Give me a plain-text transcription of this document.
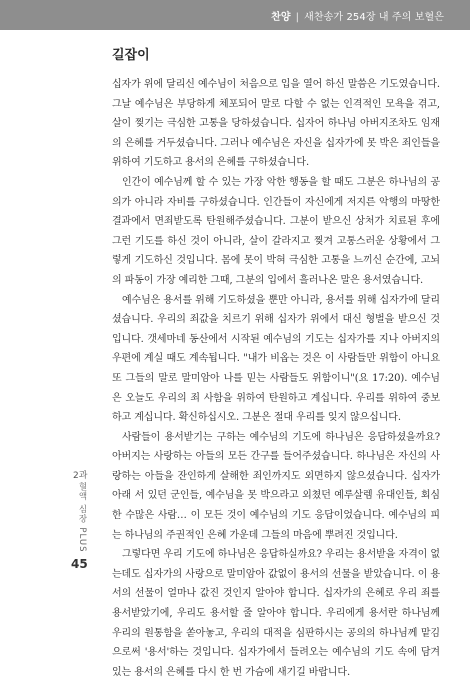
찬양 | 새찬송가 254장 내 주의 보혈은
길잡이

십자가 위에 달리신 예수님이 처음으로 입을 열어 하신 말씀은 기도였습니다. 그날 예수님은 부당하게 체포되어 말로 다할 수 없는 인격적인 모욕을 겪고, 살이 찢기는 극심한 고통을 당하셨습니다. 십자어 하나님 아버지조차도 임재의 은혜를 거두셨습니다. 그러나 예수님은 자신을 십자가에 못 박은 죄인들을 위하여 기도하고 용서의 은혜를 구하셨습니다.

인간이 예수님께 할 수 있는 가장 악한 행동을 할 때도 그분은 하나님의 공의가 아니라 자비를 구하셨습니다. 인간들이 자신에게 저지른 악행의 마땅한 결과에서 면죄받도록 탄원해주셨습니다. 그분이 받으신 상처가 치료된 후에 그런 기도를 하신 것이 아니라, 살이 갈라지고 찢겨 고통스러운 상황에서 그렇게 기도하신 것입니다. 몸에 못이 박혀 극심한 고통을 느끼신 순간에, 고뇌의 파동이 가장 예리한 그때, 그분의 입에서 흘러나온 말은 용서였습니다.

예수님은 용서를 위해 기도하셨을 뿐만 아니라, 용서를 위해 십자가에 달리셨습니다. 우리의 죄값을 치르기 위해 십자가 위에서 대신 형벌을 받으신 것입니다. 갯세마네 동산에서 시작된 예수님의 기도는 십자가를 지나 아버지의 우편에 계실 때도 계속됩니다. "내가 비옵는 것은 이 사람들만 위함이 아니요 또 그들의 말로 말미암아 나를 믿는 사람들도 위함이니"(요 17:20). 예수님은 오늘도 우리의 죄 사함을 위하여 탄원하고 계십니다. 우리를 위하여 중보하고 계십니다. 확신하십시오. 그분은 절대 우리를 잊지 않으십니다.

사람들이 용서받기는 구하는 예수님의 기도에 하나님은 응답하셨을까요? 아버지는 사랑하는 아들의 모든 간구를 들어주셨습니다. 하나님은 자신의 사랑하는 아들을 잔인하게 살해한 죄인까지도 외면하지 않으셨습니다. 십자가 아래 서 있던 군인들, 예수님을 못 박으라고 외쳤던 예루살렘 유대인들, 회심한 수많은 사람… 이 모든 것이 예수님의 기도 응답이었습니다. 예수님의 피는 하나님의 주권적인 은혜 가운데 그들의 마음에 뿌려진 것입니다.

그렇다면 우리 기도에 하나님은 응답하실까요? 우리는 용서받을 자격이 없는데도 십자가의 사랑으로 말미암아 값없이 용서의 선물을 받았습니다. 이 용서의 선물이 얼마나 값진 것인지 알아야 합니다. 십자가의 은혜로 우리 죄를 용서받았기에, 우리도 용서할 줄 알아야 합니다. 우리에게 용서란 하나님께 우리의 원통함을 쏟아놓고, 우리의 대적을 심판하시는 공의의 하나님께 맡김으로써 '용서'하는 것입니다. 십자가에서 들려오는 예수님의 기도 속에 담겨 있는 용서의 은혜를 다시 한 번 가슴에 새기길 바랍니다.

2과
혈액 심장 PLUS
45
